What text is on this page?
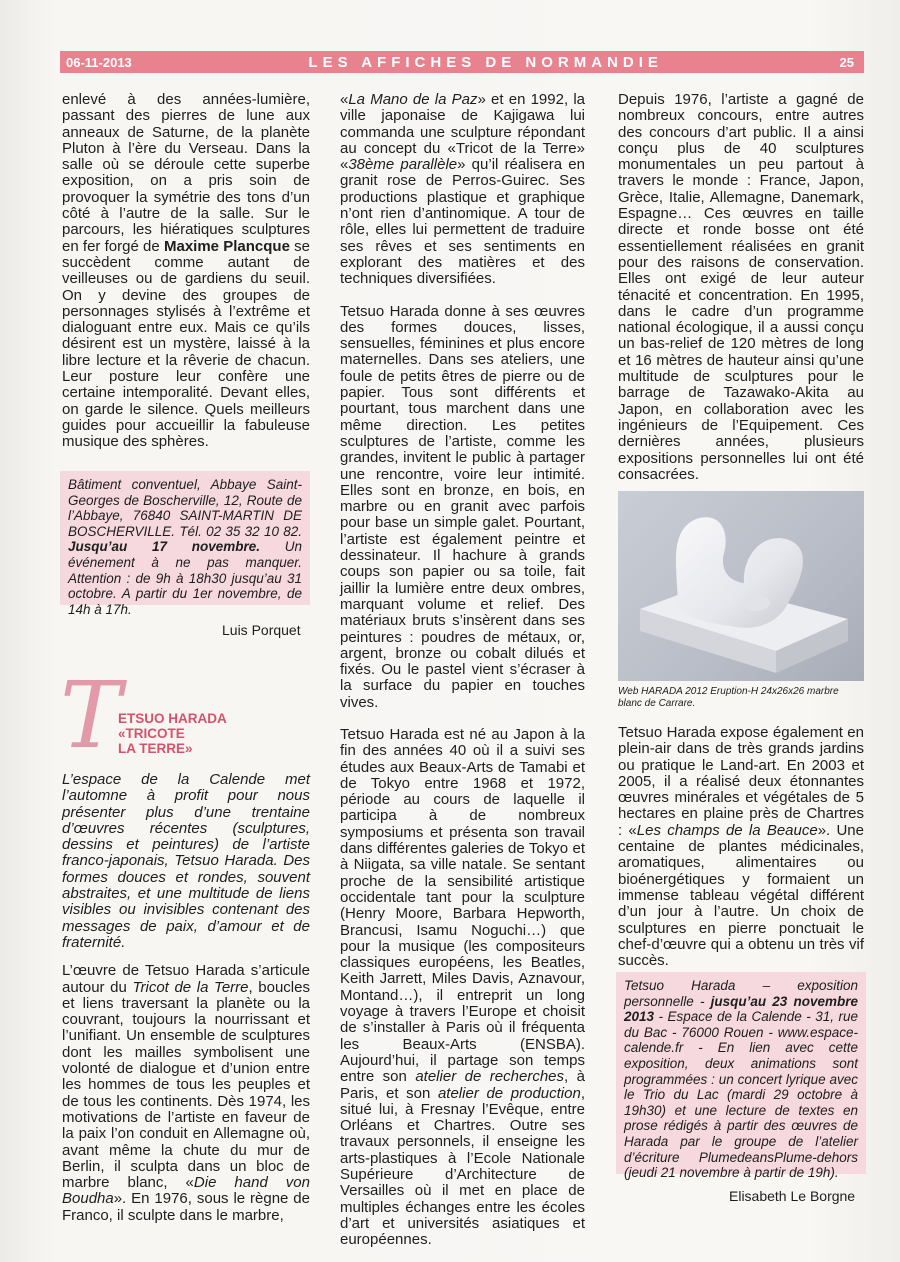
06-11-2013	LES AFFICHES DE NORMANDIE	25

enlevé à des années-lumière, passant des pierres de lune aux anneaux de Saturne, de la planète Pluton à l’ère du Verseau. Dans la salle où se déroule cette superbe exposition, on a pris soin de provoquer la symétrie des tons d’un côté à l’autre de la salle. Sur le parcours, les hiératiques sculptures en fer forgé de Maxime Plancque se succèdent comme autant de veilleuses ou de gardiens du seuil. On y devine des groupes de personnages stylisés à l’extrême et dialoguant entre eux. Mais ce qu’ils désirent est un mystère, laissé à la libre lecture et la rêverie de chacun. Leur posture leur confère une certaine intemporalité. Devant elles, on garde le silence. Quels meilleurs guides pour accueillir la fabuleuse musique des sphères.

Bâtiment conventuel, Abbaye Saint-Georges de Boscherville, 12, Route de l’Abbaye, 76840 SAINT-MARTIN DE BOSCHERVILLE. Tél. 02 35 32 10 82. Jusqu’au 17 novembre. Un événement à ne pas manquer. Attention : de 9h à 18h30 jusqu’au 31 octobre. A partir du 1er novembre, de 14h à 17h.
Luis Porquet
T
ETSUO HARADA
«TRICOTE
LA TERRE»

L’espace de la Calende met l’automne à profit pour nous présenter plus d’une trentaine d’œuvres récentes (sculptures, dessins et peintures) de l’artiste franco-japonais, Tetsuo Harada. Des formes douces et rondes, souvent abstraites, et une multitude de liens visibles ou invisibles contenant des messages de paix, d’amour et de fraternité.

L’œuvre de Tetsuo Harada s’articule autour du Tricot de la Terre, boucles et liens traversant la planète ou la couvrant, toujours la nourrissant et l’unifiant. Un ensemble de sculptures dont les mailles symbolisent une volonté de dialogue et d’union entre les hommes de tous les peuples et de tous les continents. Dès 1974, les motivations de l’artiste en faveur de la paix l’on conduit en Allemagne où, avant même la chute du mur de Berlin, il sculpta dans un bloc de marbre blanc, «Die hand von Boudha». En 1976, sous le règne de Franco, il sculpte dans le marbre,

«La Mano de la Paz» et en 1992, la ville japonaise de Kajigawa lui commanda une sculpture répondant au concept du «Tricot de la Terre» «38ème parallèle» qu’il réalisera en granit rose de Perros-Guirec. Ses productions plastique et graphique n’ont rien d’antinomique. A tour de rôle, elles lui permettent de traduire ses rêves et ses sentiments en explorant des matières et des techniques diversifiées.

Tetsuo Harada donne à ses œuvres des formes douces, lisses, sensuelles, féminines et plus encore maternelles. Dans ses ateliers, une foule de petits êtres de pierre ou de papier. Tous sont différents et pourtant, tous marchent dans une même direction. Les petites sculptures de l’artiste, comme les grandes, invitent le public à partager une rencontre, voire leur intimité. Elles sont en bronze, en bois, en marbre ou en granit avec parfois pour base un simple galet. Pourtant, l’artiste est également peintre et dessinateur. Il hachure à grands coups son papier ou sa toile, fait jaillir la lumière entre deux ombres, marquant volume et relief. Des matériaux bruts s’insèrent dans ses peintures : poudres de métaux, or, argent, bronze ou cobalt dilués et fixés. Ou le pastel vient s’écraser à la surface du papier en touches vives.

Tetsuo Harada est né au Japon à la fin des années 40 où il a suivi ses études aux Beaux-Arts de Tamabi et de Tokyo entre 1968 et 1972, période au cours de laquelle il participa à de nombreux symposiums et présenta son travail dans différentes galeries de Tokyo et à Niigata, sa ville natale. Se sentant proche de la sensibilité artistique occidentale tant pour la sculpture (Henry Moore, Barbara Hepworth, Brancusi, Isamu Noguchi…) que pour la musique (les compositeurs classiques européens, les Beatles, Keith Jarrett, Miles Davis, Aznavour, Montand…), il entreprit un long voyage à travers l’Europe et choisit de s’installer à Paris où il fréquenta les Beaux-Arts (ENSBA). Aujourd’hui, il partage son temps entre son atelier de recherches, à Paris, et son atelier de production, situé lui, à Fresnay l’Evêque, entre Orléans et Chartres. Outre ses travaux personnels, il enseigne les arts-plastiques à l’Ecole Nationale Supérieure d’Architecture de Versailles où il met en place de multiples échanges entre les écoles d’art et universités asiatiques et européennes.

Depuis 1976, l’artiste a gagné de nombreux concours, entre autres des concours d’art public. Il a ainsi conçu plus de 40 sculptures monumentales un peu partout à travers le monde : France, Japon, Grèce, Italie, Allemagne, Danemark, Espagne… Ces œuvres en taille directe et ronde bosse ont été essentiellement réalisées en granit pour des raisons de conservation. Elles ont exigé de leur auteur ténacité et concentration. En 1995, dans le cadre d’un programme national écologique, il a aussi conçu un bas-relief de 120 mètres de long et 16 mètres de hauteur ainsi qu’une multitude de sculptures pour le barrage de Tazawako-Akita au Japon, en collaboration avec les ingénieurs de l’Equipement. Ces dernières années, plusieurs expositions personnelles lui ont été consacrées.

Web HARADA 2012 Eruption-H 24x26x26 marbre blanc de Carrare.

Tetsuo Harada expose également en plein-air dans de très grands jardins ou pratique le Land-art. En 2003 et 2005, il a réalisé deux étonnantes œuvres minérales et végétales de 5 hectares en plaine près de Chartres : «Les champs de la Beauce». Une centaine de plantes médicinales, aromatiques, alimentaires ou bioénergétiques y formaient un immense tableau végétal différent d’un jour à l’autre. Un choix de sculptures en pierre ponctuait le chef-d’œuvre qui a obtenu un très vif succès.

Tetsuo Harada – exposition personnelle - jusqu’au 23 novembre 2013 - Espace de la Calende - 31, rue du Bac - 76000 Rouen - www.espace-calende.fr - En lien avec cette exposition, deux animations sont programmées : un concert lyrique avec le Trio du Lac (mardi 29 octobre à 19h30) et une lecture de textes en prose rédigés à partir des œuvres de Harada par le groupe de l’atelier d’écriture PlumedeansPlume-dehors (jeudi 21 novembre à partir de 19h).
Elisabeth Le Borgne
